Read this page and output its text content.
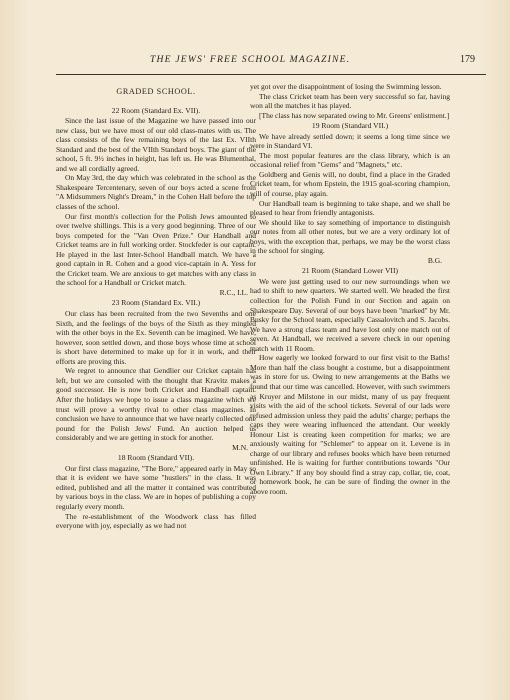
THE JEWS' FREE SCHOOL MAGAZINE.	179

GRADED SCHOOL.

22 Room (Standard Ex. VII).

Since the last issue of the Magazine we have passed into our new class, but we have most of our old class-mates with us. The class consists of the few remaining boys of the last Ex. VIIth Standard and the best of the VIIth Standard boys. The giant of the school, 5 ft. 9½ inches in height, has left us. He was Blumenthal, and we all cordially agreed.

On May 3rd, the day which was celebrated in the school as the Shakespeare Tercentenary, seven of our boys acted a scene from "A Midsummers Night's Dream," in the Cohen Hall before the top classes of the school.

Our first month's collection for the Polish Jews amounted to over twelve shillings. This is a very good beginning. Three of our boys competed for the "Van Oven Prize." Our Handball and Cricket teams are in full working order. Stockfeder is our captain. He played in the last Inter-School Handball match. We have a good captain in R. Cohen and a good vice-captain in A. Yess for the Cricket team. We are anxious to get matches with any class in the school for a Handball or Cricket match.

R.C., I.L.

23 Room (Standard Ex. VII.)

Our class has been recruited from the two Sevenths and one Sixth, and the feelings of the boys of the Sixth as they mingled with the other boys in the Ex. Seventh can be imagined. We have, however, soon settled down, and those boys whose time at school is short have determined to make up for it in work, and their efforts are proving this.

We regret to announce that Gendlier our Cricket captain has left, but we are consoled with the thought that Kravitz makes a good successor. He is now both Cricket and Handball captain. After the holidays we hope to issue a class magazine which we trust will prove a worthy rival to other class magazines. In conclusion we have to announce that we have nearly collected one pound for the Polish Jews' Fund. An auction helped us considerably and we are getting in stock for another.

M.N.

18 Room (Standard VII).

Our first class magazine, "The Bore," appeared early in May so that it is evident we have some "hustlers" in the class. It was edited, published and all the matter it contained was contributed by various boys in the class. We are in hopes of publishing a copy regularly every month.

The re-establishment of the Woodwork class has filled everyone with joy, especially as we had not

yet got over the disappointment of losing the Swimming lesson.

The class Cricket team has been very successful so far, having won all the matches it has played.

[The class has now separated owing to Mr. Greens' enlistment.]

19 Room (Standard VII.)

We have already settled down; it seems a long time since we were in Standard VI.

The most popular features are the class library, which is an occasional relief from "Gems" and "Magnets," etc.

Goldberg and Genis will, no doubt, find a place in the Graded Cricket team, for whom Epstein, the 1915 goal-scoring champion, will of course, play again.

Our Handball team is beginning to take shape, and we shall be pleased to hear from friendly antagonists.

We should like to say something of importance to distinguish our notes from all other notes, but we are a very ordinary lot of boys, with the exception that, perhaps, we may be the worst class in the school for singing.

B.G.

21 Room (Standard Lower VII)

We were just getting used to our new surroundings when we had to shift to new quarters. We started well. We headed the first collection for the Polish Fund in our Section and again on Shakespeare Day. Several of our boys have been "marked" by Mr. Busky for the School team, especially Cassalovitch and S. Jacobs. We have a strong class team and have lost only one match out of seven. At Handball, we received a severe check in our opening match with 11 Room.

How eagerly we looked forward to our first visit to the Baths! More than half the class bought a costume, but a disappointment was in store for us. Owing to new arrangements at the Baths we found that our time was cancelled. However, with such swimmers as Kruyer and Milstone in our midst, many of us pay frequent visits with the aid of the school tickets. Several of our lads were refused admission unless they paid the adults' charge; perhaps the caps they were wearing influenced the attendant. Our weekly Honour List is creating keen competition for marks; we are anxiously waiting for "Schlemer" to appear on it. Levene is in charge of our library and refuses books which have been returned unfinished. He is waiting for further contributions towards "Our Own Library." If any boy should find a stray cap, collar, tie, coat, or homework book, he can be sure of finding the owner in the above room.
